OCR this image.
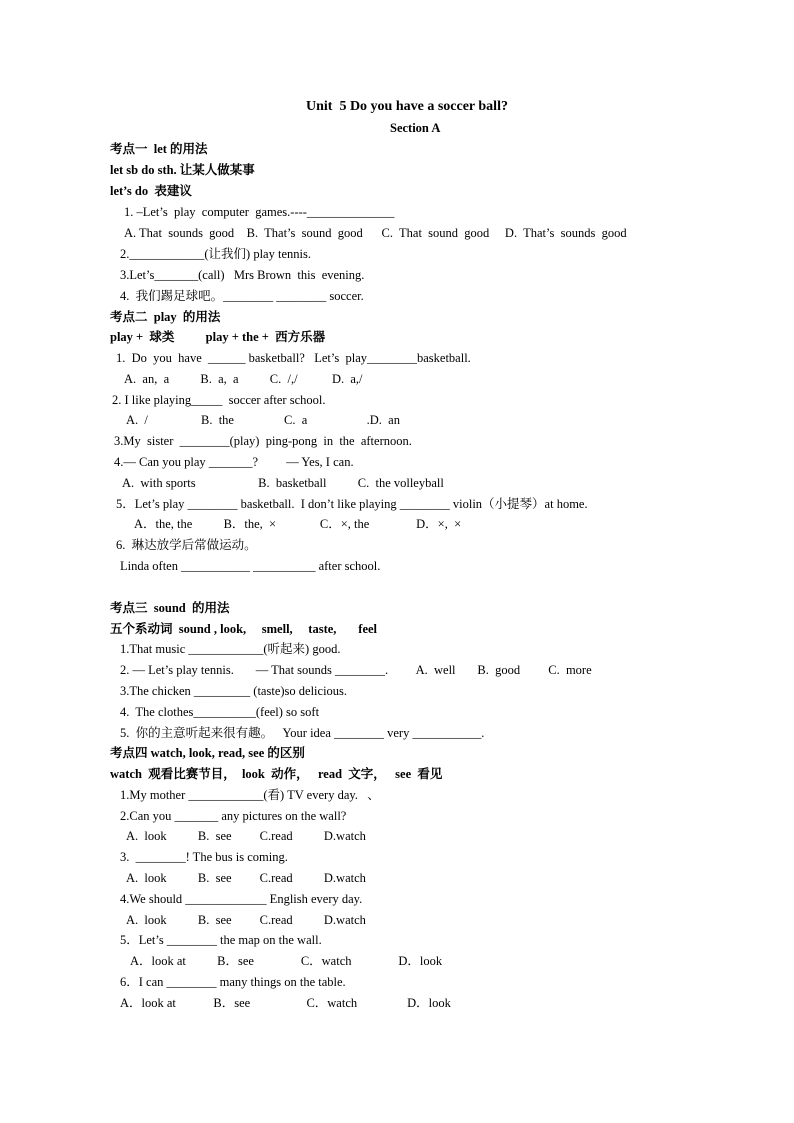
Unit  5 Do you have a soccer ball?
Section A
考点一  let 的用法
let sb do sth. 让某人做某事
let’s do  表建议
1. –Let’s  play  computer  games.----______________
A. That  sounds  good    B.  That’s  sound  good      C.  That  sound  good     D.  That’s  sounds  good
2.____________(让我们) play tennis.
3.Let’s_______(call)   Mrs Brown  this  evening.
4.  我们踢足球吧。________ ________ soccer.
考点二  play  的用法
play +  球类          play + the +  西方乐器
1.  Do  you  have  ______ basketball?   Let’s  play________basketball.
A.  an,  a          B.  a,  a          C.  /,/           D.  a,/
2. I like playing_____  soccer after school.
A.  /                 B.  the                C.  a                   .D.  an
3.My  sister  ________(play)  ping-pong  in  the  afternoon.
4.— Can you play _______?         — Yes, I can.
A.  with sports                    B.  basketball          C.  the volleyball
5．Let’s play ________ basketball.  I don’t like playing ________ violin（小提琴）at home.
A．the, the          B．the,  ×              C．×, the               D．×,  ×
6.  琳达放学后常做运动。
Linda often ___________ __________ after school.
考点三  sound  的用法
五个系动词  sound , look,     smell,     taste,       feel
1.That music ____________(听起来) good.
2. — Let’s play tennis.       — That sounds ________.         A.  well       B.  good         C.  more
3.The chicken _________ (taste)so delicious.
4.  The clothes__________(feel) so soft
5.  你的主意听起来很有趣。   Your idea ________ very ___________.
考点四 watch, look, read, see 的区别
watch  观看比赛节目，  look  动作，   read  文字，   see  看见
1.My mother ____________(看) TV every day.   、
2.Can you _______ any pictures on the wall?
A.  look          B.  see         C.read          D.watch
3.  ________! The bus is coming.
A.  look          B.  see         C.read          D.watch
4.We should _____________ English every day.
A.  look          B.  see         C.read          D.watch
5．Let’s ________ the map on the wall.
A．look at          B．see               C．watch               D．look
6．I can ________ many things on the table.
A．look at            B．see                  C．watch                D．look
